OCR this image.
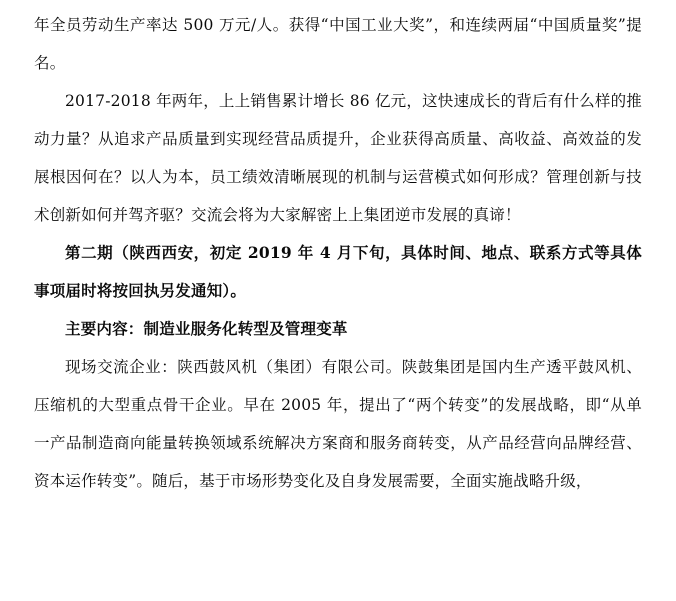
年全员劳动生产率达 500 万元/人。获得“中国工业大奖”，和连续两届“中国质量奖”提名。

2017-2018 年两年，上上销售累计增长 86 亿元，这快速成长的背后有什么样的推动力量？从追求产品质量到实现经营品质提升，企业获得高质量、高收益、高效益的发展根因何在？以人为本，员工绩效清晰展现的机制与运营模式如何形成？管理创新与技术创新如何并驾齐驱？交流会将为大家解密上上集团逆市发展的真谛！

第二期（陕西西安，初定 2019 年 4 月下旬，具体时间、地点、联系方式等具体事项届时将按回执另发通知）。

主要内容：制造业服务化转型及管理变革

现场交流企业：陕西鼓风机（集团）有限公司。陕鼓集团是国内生产透平鼓风机、压缩机的大型重点骨干企业。早在 2005 年，提出了“两个转变”的发展战略，即“从单一产品制造商向能量转换领域系统解决方案商和服务商转变，从产品经营向品牌经营、资本运作转变”。随后，基于市场形势变化及自身发展需要，全面实施战略升级，
